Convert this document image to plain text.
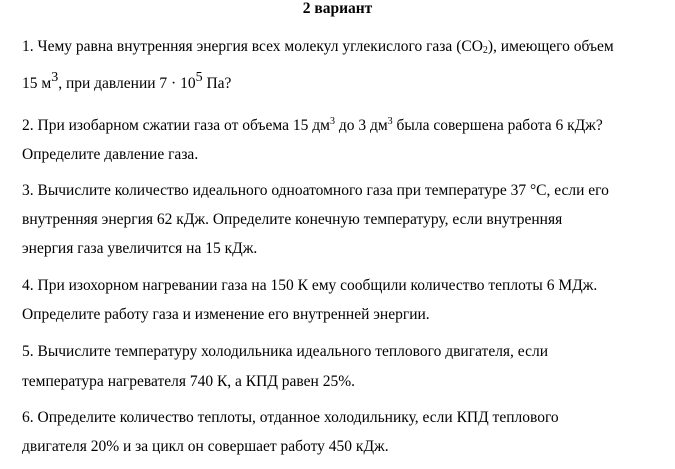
2 вариант
1. Чему равна внутренняя энергия всех молекул углекислого газа $(CO_2)$, имеющего объем
15 $м^3$, при давлении $7 \cdot 10^5$ Па?
2. При изобарном сжатии газа от объема 15 $дм^3$ до 3 $дм^3$ была совершена работа 6 кДж?
Определите давление газа.
3. Вычислите количество идеального одноатомного газа при температуре 37 °С, если его
внутренняя энергия 62 кДж. Определите конечную температуру, если внутренняя
энергия газа увеличится на 15 кДж.
4. При изохорном нагревании газа на 150 К ему сообщили количество теплоты 6 МДж.
Определите работу газа и изменение его внутренней энергии.
5. Вычислите температуру холодильника идеального теплового двигателя, если
температура нагревателя 740 К, а КПД равен 25%.
6. Определите количество теплоты, отданное холодильнику, если КПД теплового
двигателя 20% и за цикл он совершает работу 450 кДж.
